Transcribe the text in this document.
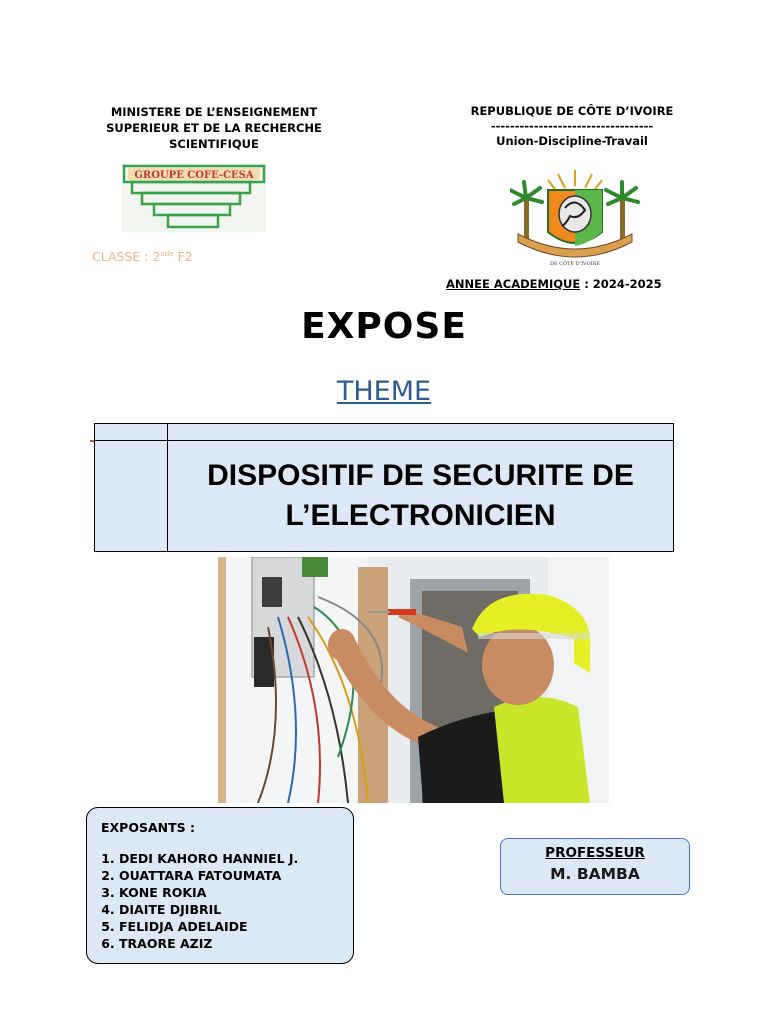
MINISTERE DE L’ENSEIGNEMENT
SUPERIEUR ET DE LA RECHERCHE
SCIENTIFIQUE
GROUPE COFE-CESA
CLASSE : 2nde F2
REPUBLIQUE DE CÔTE D’IVOIRE
----------------------------------
Union-Discipline-Travail
DE CÔTE D'IVOIRE
ANNEE ACADEMIQUE : 2024-2025
EXPOSE
THEME
DISPOSITIF DE SECURITE DE
L’ELECTRONICIEN
EXPOSANTS :
1. DEDI KAHORO HANNIEL J.
2. OUATTARA FATOUMATA
3. KONE ROKIA
4. DIAITE DJIBRIL
5. FELIDJA ADELAIDE
6. TRAORE AZIZ
PROFESSEUR
M. BAMBA
